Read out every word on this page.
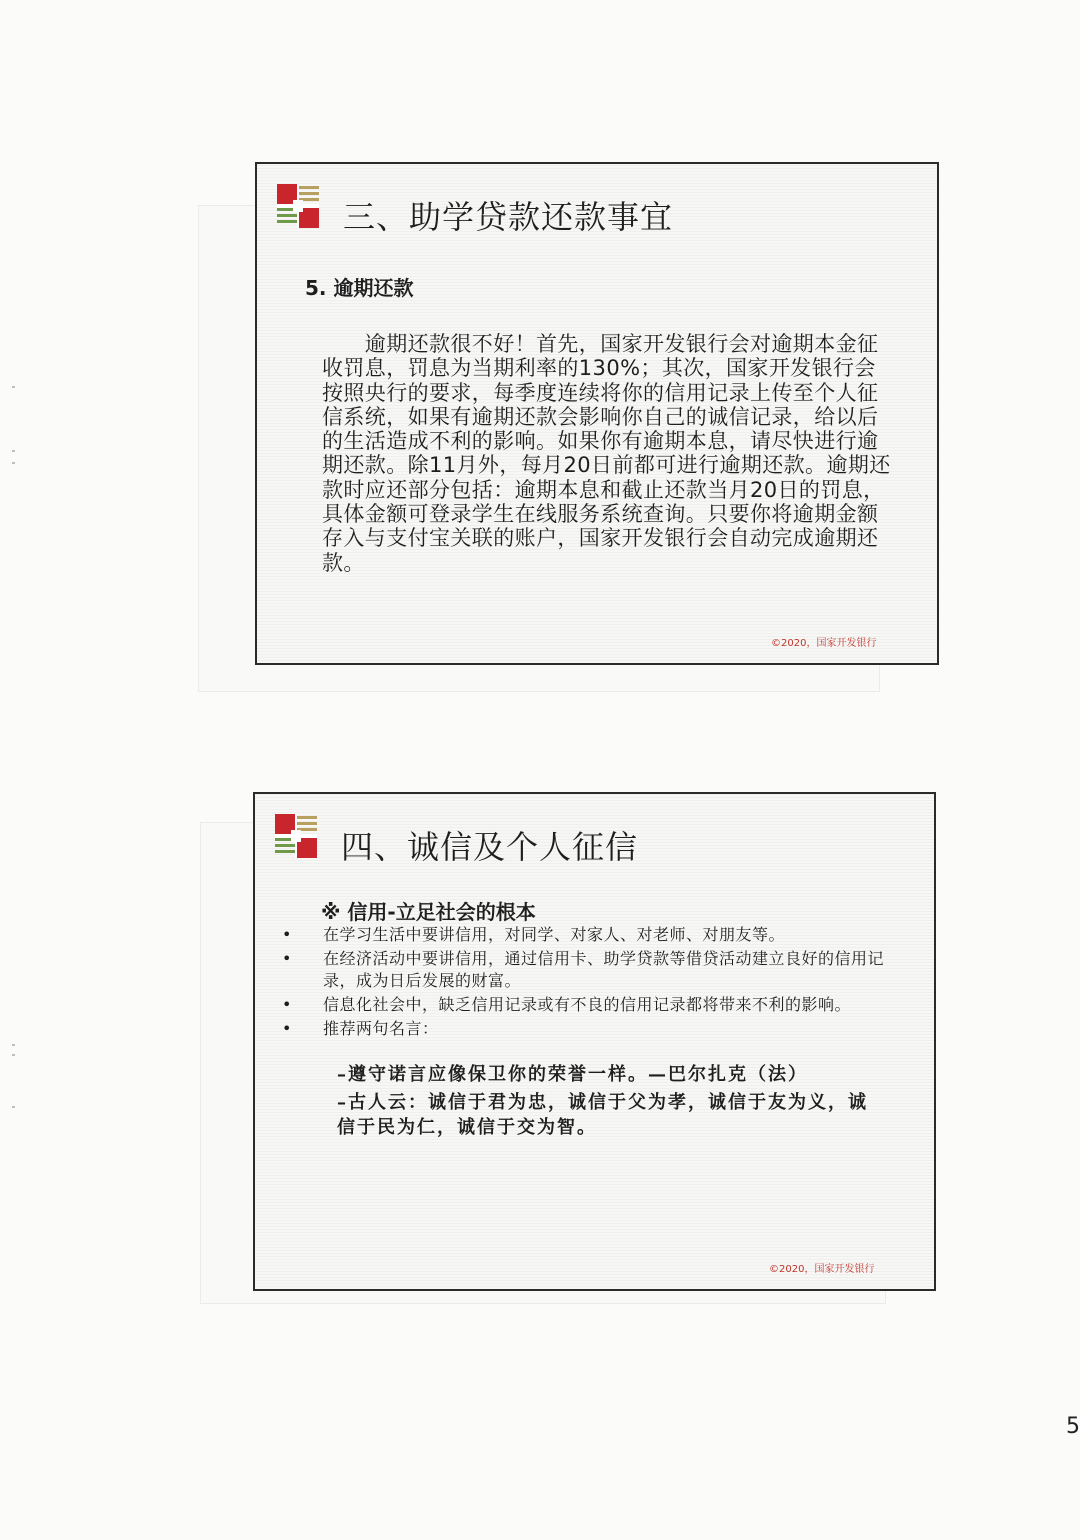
三、助学贷款还款事宜
5. 逾期还款

　　逾期还款很不好！首先，国家开发银行会对逾期本金征收罚息，罚息为当期利率的130%；其次，国家开发银行会按照央行的要求，每季度连续将你的信用记录上传至个人征信系统，如果有逾期还款会影响你自己的诚信记录，给以后的生活造成不利的影响。如果你有逾期本息，请尽快进行逾期还款。除11月外，每月20日前都可进行逾期还款。逾期还款时应还部分包括：逾期本息和截止还款当月20日的罚息，具体金额可登录学生在线服务系统查询。只要你将逾期金额存入与支付宝关联的账户，国家开发银行会自动完成逾期还款。

©2020，国家开发银行
四、诚信及个人征信
※ 信用-立足社会的根本
•	在学习生活中要讲信用，对同学、对家人、对老师、对朋友等。
•	在经济活动中要讲信用，通过信用卡、助学贷款等借贷活动建立良好的信用记录，成为日后发展的财富。
•	信息化社会中，缺乏信用记录或有不良的信用记录都将带来不利的影响。
•	推荐两句名言：

–遵守诺言应像保卫你的荣誉一样。—巴尔扎克（法）

–古人云：诚信于君为忠，诚信于父为孝，诚信于友为义，诚信于民为仁，诚信于交为智。

©2020，国家开发银行
5
